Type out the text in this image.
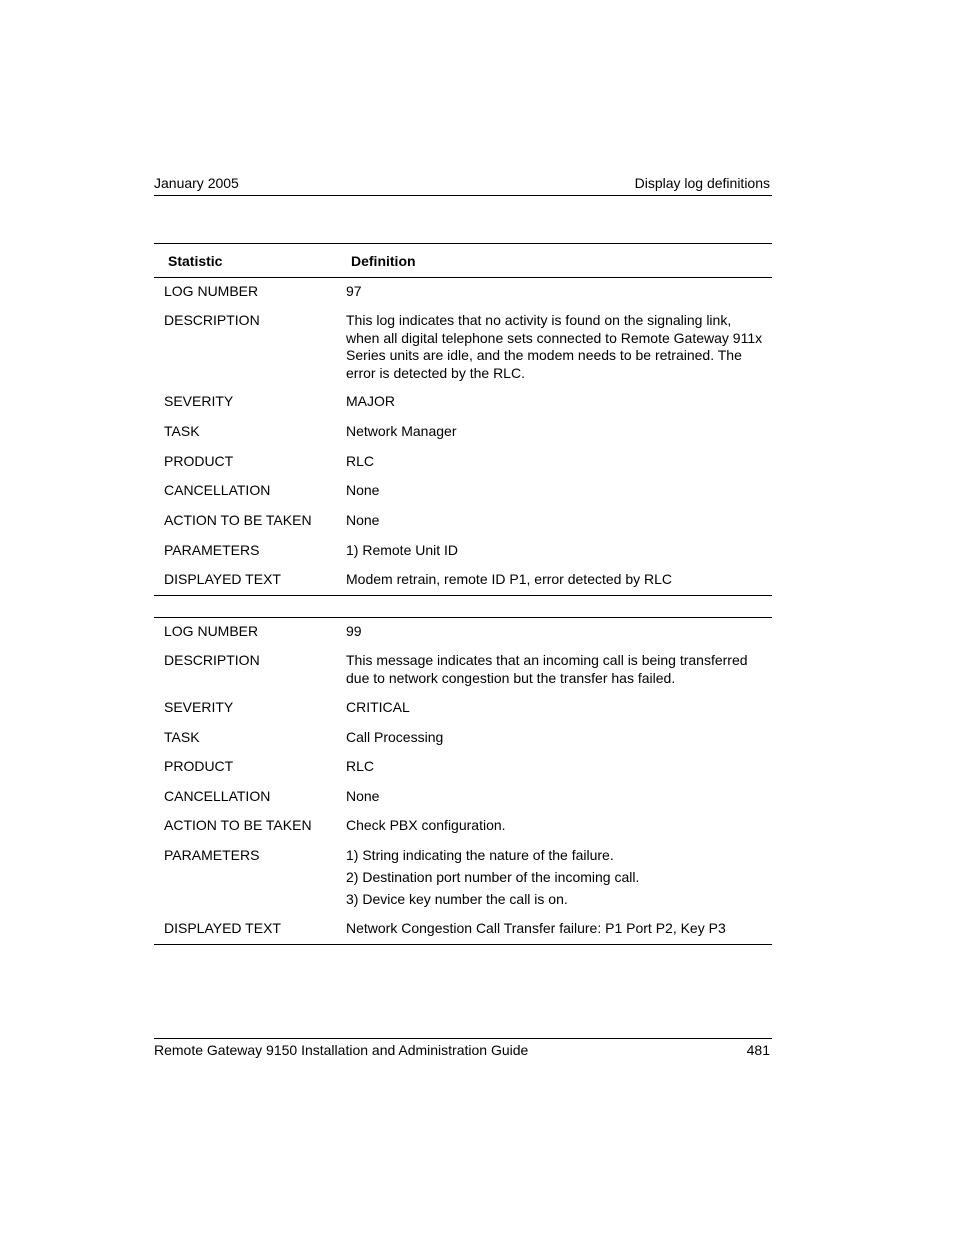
January 2005	Display log definitions
Statistic	Definition
LOG NUMBER	97
DESCRIPTION	This log indicates that no activity is found on the signaling link, when all digital telephone sets connected to Remote Gateway 911x Series units are idle, and the modem needs to be retrained. The error is detected by the RLC.
SEVERITY	MAJOR
TASK	Network Manager
PRODUCT	RLC
CANCELLATION	None
ACTION TO BE TAKEN	None
PARAMETERS	1) Remote Unit ID
DISPLAYED TEXT	Modem retrain, remote ID P1, error detected by RLC
LOG NUMBER	99
DESCRIPTION	This message indicates that an incoming call is being transferred due to network congestion but the transfer has failed.
SEVERITY	CRITICAL
TASK	Call Processing
PRODUCT	RLC
CANCELLATION	None
ACTION TO BE TAKEN	Check PBX configuration.
PARAMETERS	1) String indicating the nature of the failure.
2) Destination port number of the incoming call.
3) Device key number the call is on.
DISPLAYED TEXT	Network Congestion Call Transfer failure: P1 Port P2, Key P3
Remote Gateway 9150 Installation and Administration Guide	481
